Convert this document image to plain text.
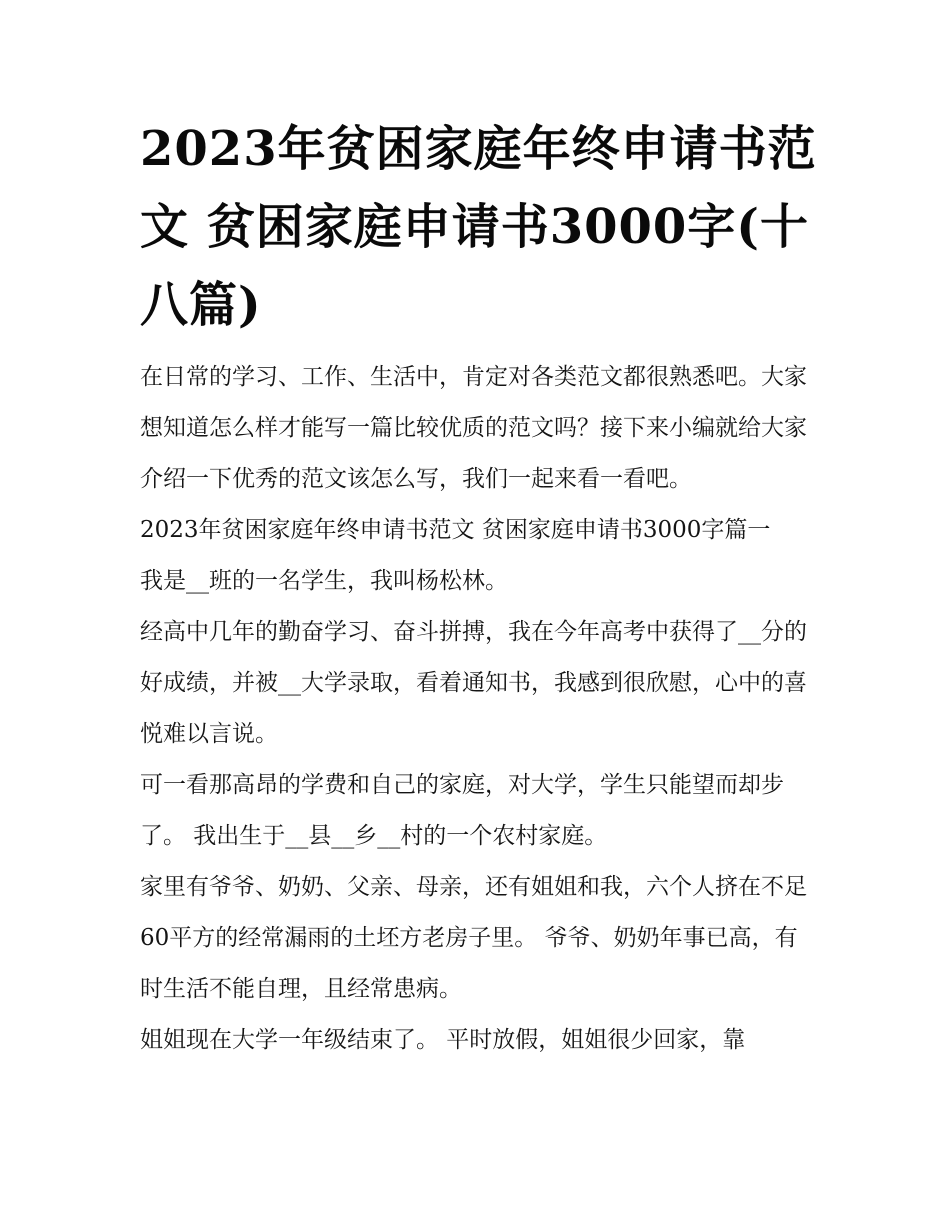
2023年贫困家庭年终申请书范文 贫困家庭申请书3000字(十八篇)

在日常的学习、工作、生活中，肯定对各类范文都很熟悉吧。大家想知道怎么样才能写一篇比较优质的范文吗？接下来小编就给大家介绍一下优秀的范文该怎么写，我们一起来看一看吧。

2023年贫困家庭年终申请书范文 贫困家庭申请书3000字篇一

我是__班的一名学生，我叫杨松林。

经高中几年的勤奋学习、奋斗拼搏，我在今年高考中获得了__分的好成绩，并被__大学录取，看着通知书，我感到很欣慰，心中的喜悦难以言说。

可一看那高昂的学费和自己的家庭，对大学，学生只能望而却步了。 我出生于__县__乡__村的一个农村家庭。

家里有爷爷、奶奶、父亲、母亲，还有姐姐和我，六个人挤在不足60平方的经常漏雨的土坯方老房子里。 爷爷、奶奶年事已高，有时生活不能自理，且经常患病。

姐姐现在大学一年级结束了。 平时放假，姐姐很少回家，靠
